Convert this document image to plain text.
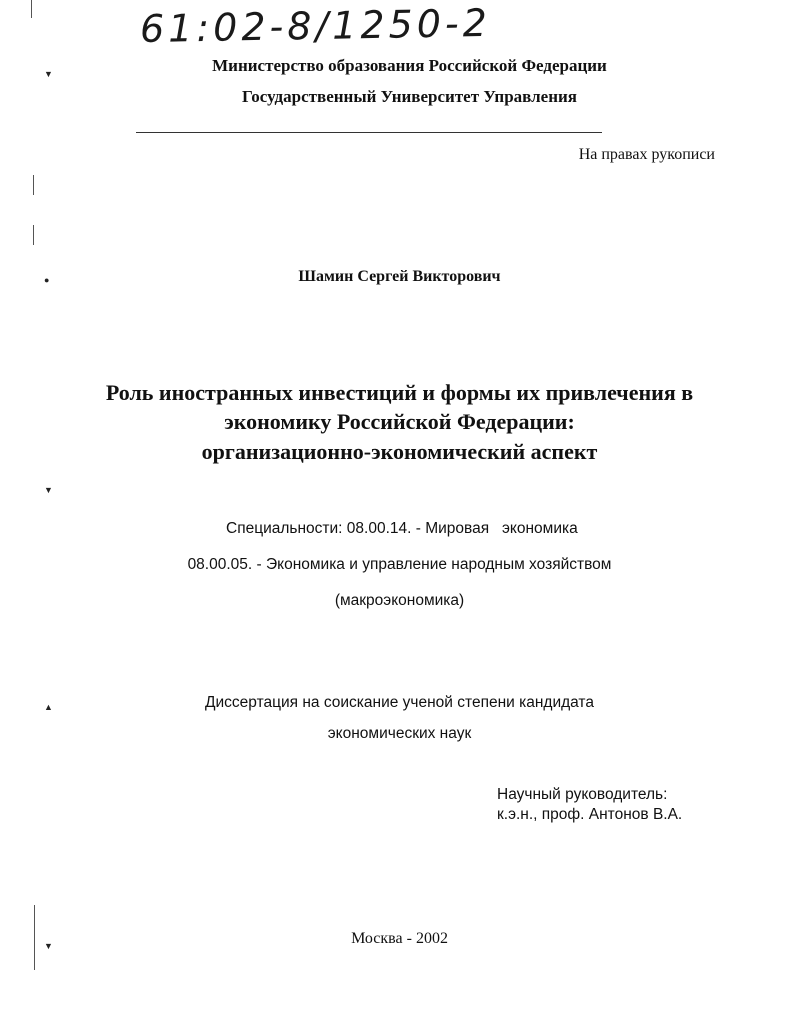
61:02-8/1250-2
Министерство образования Российской Федерации
Государственный Университет Управления
На правах рукописи
Шамин Сергей Викторович
Роль иностранных инвестиций и формы их привлечения в
экономику Российской Федерации:
организационно-экономический аспект
Специальности: 08.00.14. - Мировая   экономика
08.00.05. - Экономика и управление народным хозяйством
(макроэкономика)
Диссертация на соискание ученой степени кандидата
экономических наук
Научный руководитель:
к.э.н., проф. Антонов В.А.
Москва - 2002
▼
●
▼
▲
▼
